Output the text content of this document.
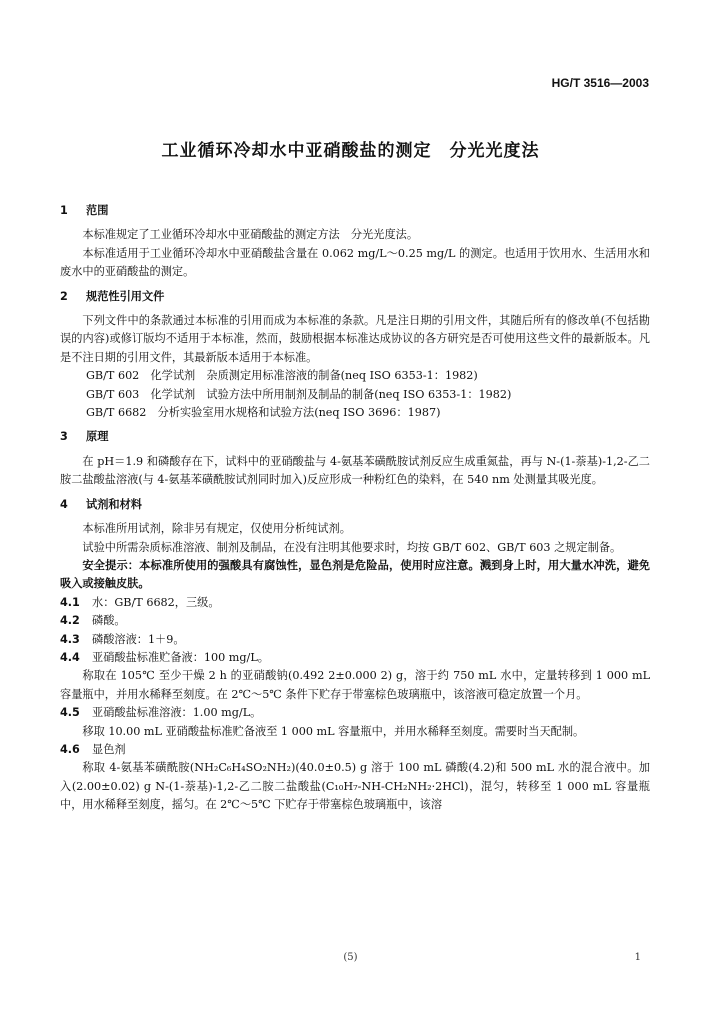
HG/T 3516—2003
工业循环冷却水中亚硝酸盐的测定　分光光度法
1 范围

本标准规定了工业循环冷却水中亚硝酸盐的测定方法　分光光度法。

本标准适用于工业循环冷却水中亚硝酸盐含量在 0.062 mg/L～0.25 mg/L 的测定。也适用于饮用水、生活用水和废水中的亚硝酸盐的测定。

2 规范性引用文件

下列文件中的条款通过本标准的引用而成为本标准的条款。凡是注日期的引用文件，其随后所有的修改单(不包括勘误的内容)或修订版均不适用于本标准，然而，鼓励根据本标准达成协议的各方研究是否可使用这些文件的最新版本。凡是不注日期的引用文件，其最新版本适用于本标准。

GB/T 602　化学试剂　杂质测定用标准溶液的制备(neq ISO 6353-1：1982)

GB/T 603　化学试剂　试验方法中所用制剂及制品的制备(neq ISO 6353-1：1982)

GB/T 6682　分析实验室用水规格和试验方法(neq ISO 3696：1987)

3 原理

在 pH＝1.9 和磷酸存在下，试料中的亚硝酸盐与 4-氨基苯磺酰胺试剂反应生成重氮盐，再与 N-(1-萘基)-1,2-乙二胺二盐酸盐溶液(与 4-氨基苯磺酰胺试剂同时加入)反应形成一种粉红色的染料，在 540 nm 处测量其吸光度。

4 试剂和材料

本标准所用试剂，除非另有规定，仅使用分析纯试剂。

试验中所需杂质标准溶液、制剂及制品，在没有注明其他要求时，均按 GB/T 602、GB/T 603 之规定制备。

安全提示：本标准所使用的强酸具有腐蚀性，显色剂是危险品，使用时应注意。溅到身上时，用大量水冲洗，避免吸入或接触皮肤。

4.1 水：GB/T 6682，三级。

4.2 磷酸。

4.3 磷酸溶液：1＋9。

4.4 亚硝酸盐标准贮备液：100 mg/L。

称取在 105℃ 至少干燥 2 h 的亚硝酸钠(0.492 2±0.000 2) g，溶于约 750 mL 水中，定量转移到 1 000 mL 容量瓶中，并用水稀释至刻度。在 2℃～5℃ 条件下贮存于带塞棕色玻璃瓶中，该溶液可稳定放置一个月。

4.5 亚硝酸盐标准溶液：1.00 mg/L。

移取 10.00 mL 亚硝酸盐标准贮备液至 1 000 mL 容量瓶中，并用水稀释至刻度。需要时当天配制。

4.6 显色剂

称取 4-氨基苯磺酰胺(NH₂C₆H₄SO₂NH₂)(40.0±0.5) g 溶于 100 mL 磷酸(4.2)和 500 mL 水的混合液中。加入(2.00±0.02) g N-(1-萘基)-1,2-乙二胺二盐酸盐(C₁₀H₇-NH-CH₂NH₂·2HCl)，混匀，转移至 1 000 mL 容量瓶中，用水稀释至刻度，摇匀。在 2℃～5℃ 下贮存于带塞棕色玻璃瓶中，该溶

(5)	1
